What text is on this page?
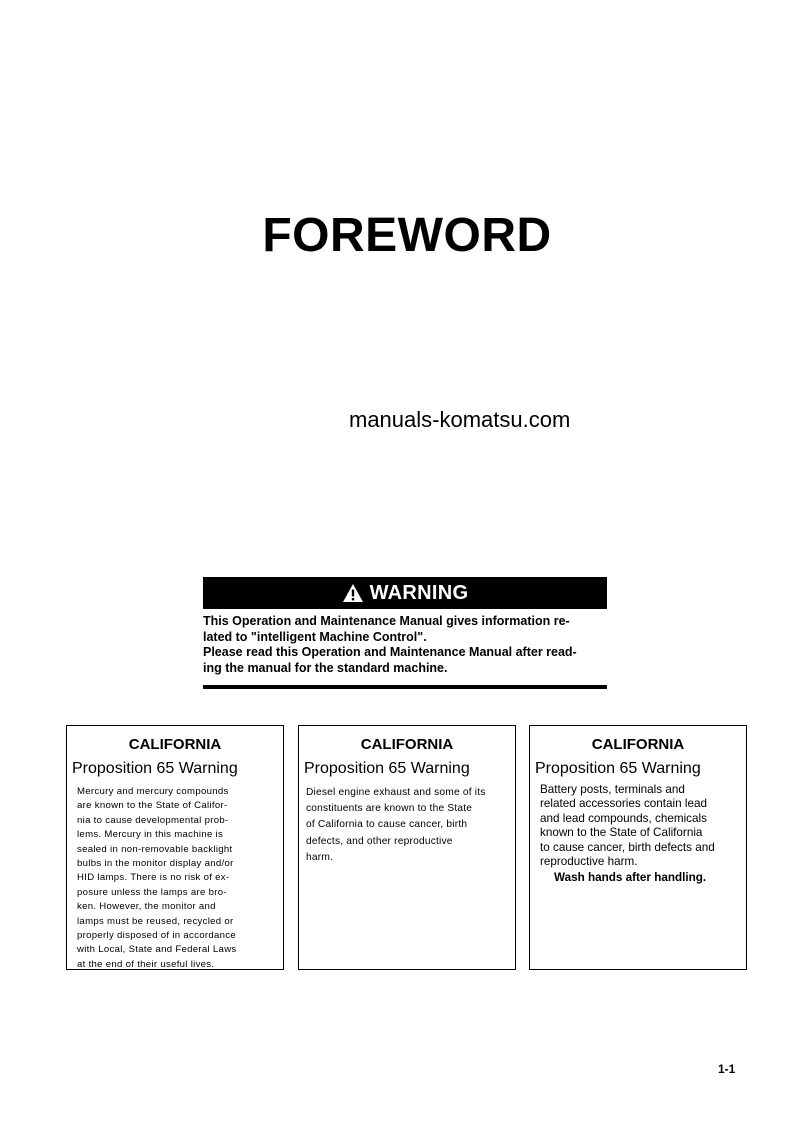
FOREWORD
manuals-komatsu.com
WARNING
This Operation and Maintenance Manual gives information re-
lated to "intelligent Machine Control".
Please read this Operation and Maintenance Manual after read-
ing the manual for the standard machine.
CALIFORNIA
Proposition 65 Warning
Mercury and mercury compounds
are known to the State of Califor-
nia to cause developmental prob-
lems. Mercury in this machine is
sealed in non-removable backlight
bulbs in the monitor display and/or
HID lamps. There is no risk of ex-
posure unless the lamps are bro-
ken. However, the monitor and
lamps must be reused, recycled or
properly disposed of in accordance
with Local, State and Federal Laws
at the end of their useful lives.
CALIFORNIA
Proposition 65 Warning
Diesel engine exhaust and some of its
constituents are known to the State
of California to cause cancer, birth
defects, and other reproductive
harm.
CALIFORNIA
Proposition 65 Warning
Battery posts, terminals and
related accessories contain lead
and lead compounds, chemicals
known to the State of California
to cause cancer, birth defects and
reproductive harm.
Wash hands after handling.
1-1
